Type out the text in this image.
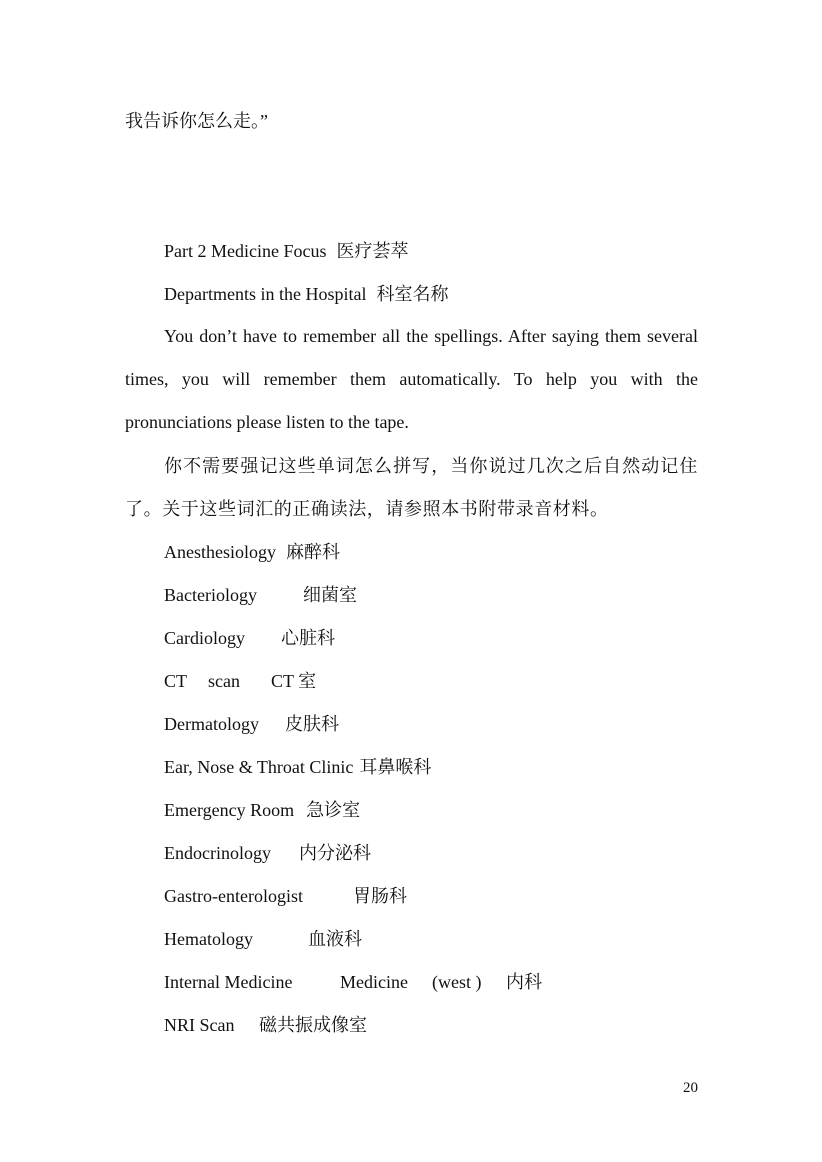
我告诉你怎么走。”
Part 2 Medicine Focus 医疗荟萃
Departments in the Hospital 科室名称
You don’t have to remember all the spellings. After saying them several times, you will remember them automatically. To help you with the pronunciations please listen to the tape.
你不需要强记这些单词怎么拼写，当你说过几次之后自然动记住了。关于这些词汇的正确读法，请参照本书附带录音材料。
Anesthesiology 麻醉科
Bacteriology	细菌室
Cardiology 心脏科
CT scan CT 室
Dermatology 皮肤科
Ear, Nose & Throat Clinic 耳鼻喉科
Emergency Room 急诊室
Endocrinology 内分泌科
Gastro-enterologist	胃肠科
Hematology	血液科
Internal Medicine	Medicine (west ) 内科
NRI Scan 磁共振成像室
20
